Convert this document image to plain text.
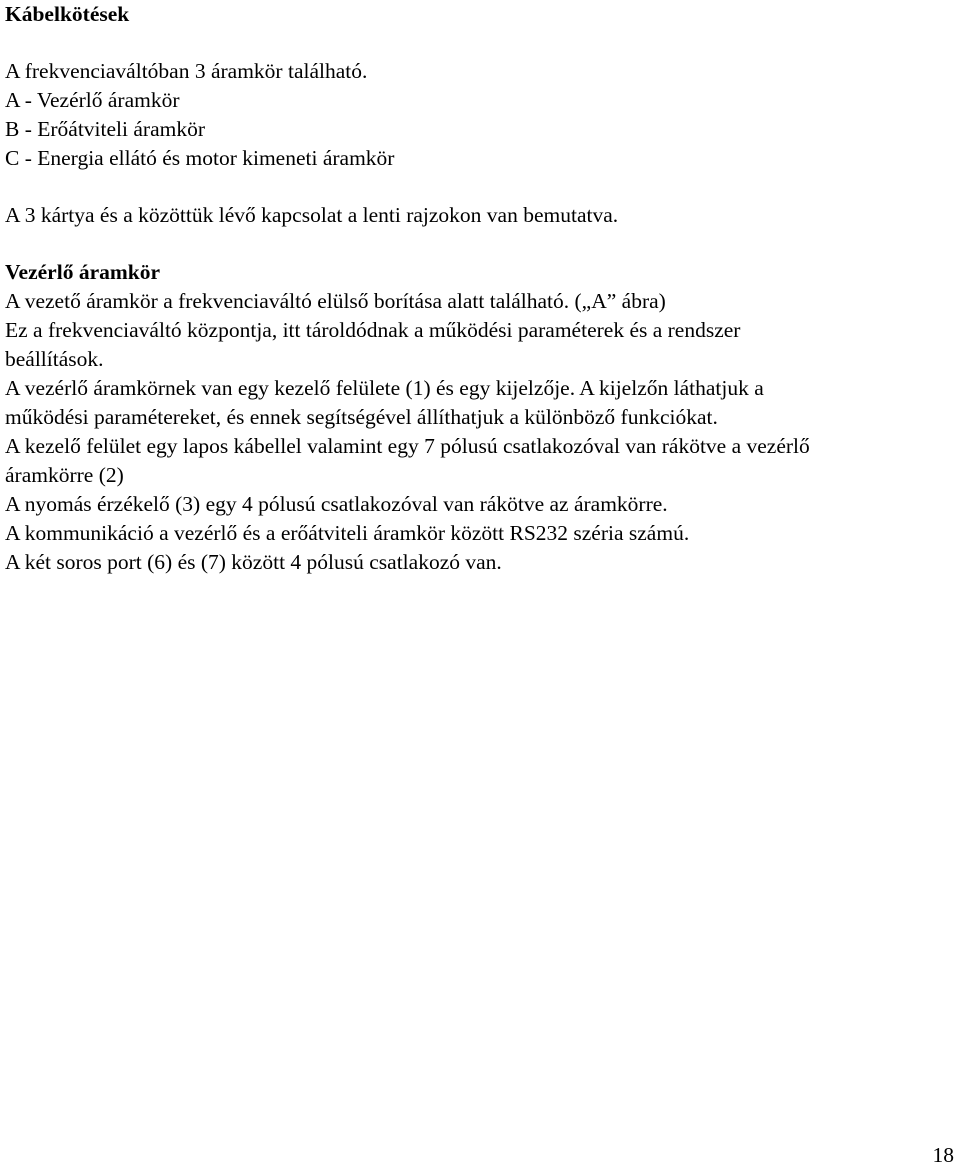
Kábelkötések
A frekvenciaváltóban 3 áramkör található.
A - Vezérlő áramkör
B - Erőátviteli áramkör
C - Energia ellátó és motor kimeneti áramkör
A 3 kártya és a közöttük lévő kapcsolat a lenti rajzokon van bemutatva.
Vezérlő áramkör
A vezető áramkör a frekvenciaváltó elülső borítása alatt található. („A” ábra)
Ez a frekvenciaváltó központja, itt tároldódnak a működési paraméterek és a rendszer
beállítások.
A vezérlő áramkörnek van egy kezelő felülete (1) és egy kijelzője. A kijelzőn láthatjuk a
működési paramétereket, és ennek segítségével állíthatjuk a különböző funkciókat.
A kezelő felület egy lapos kábellel valamint egy 7 pólusú csatlakozóval van rákötve a vezérlő
áramkörre (2)
A nyomás érzékelő (3) egy 4 pólusú csatlakozóval van rákötve az áramkörre.
A kommunikáció a vezérlő és a erőátviteli áramkör között RS232 széria számú.
A két soros port (6) és (7) között 4 pólusú csatlakozó van.
18
